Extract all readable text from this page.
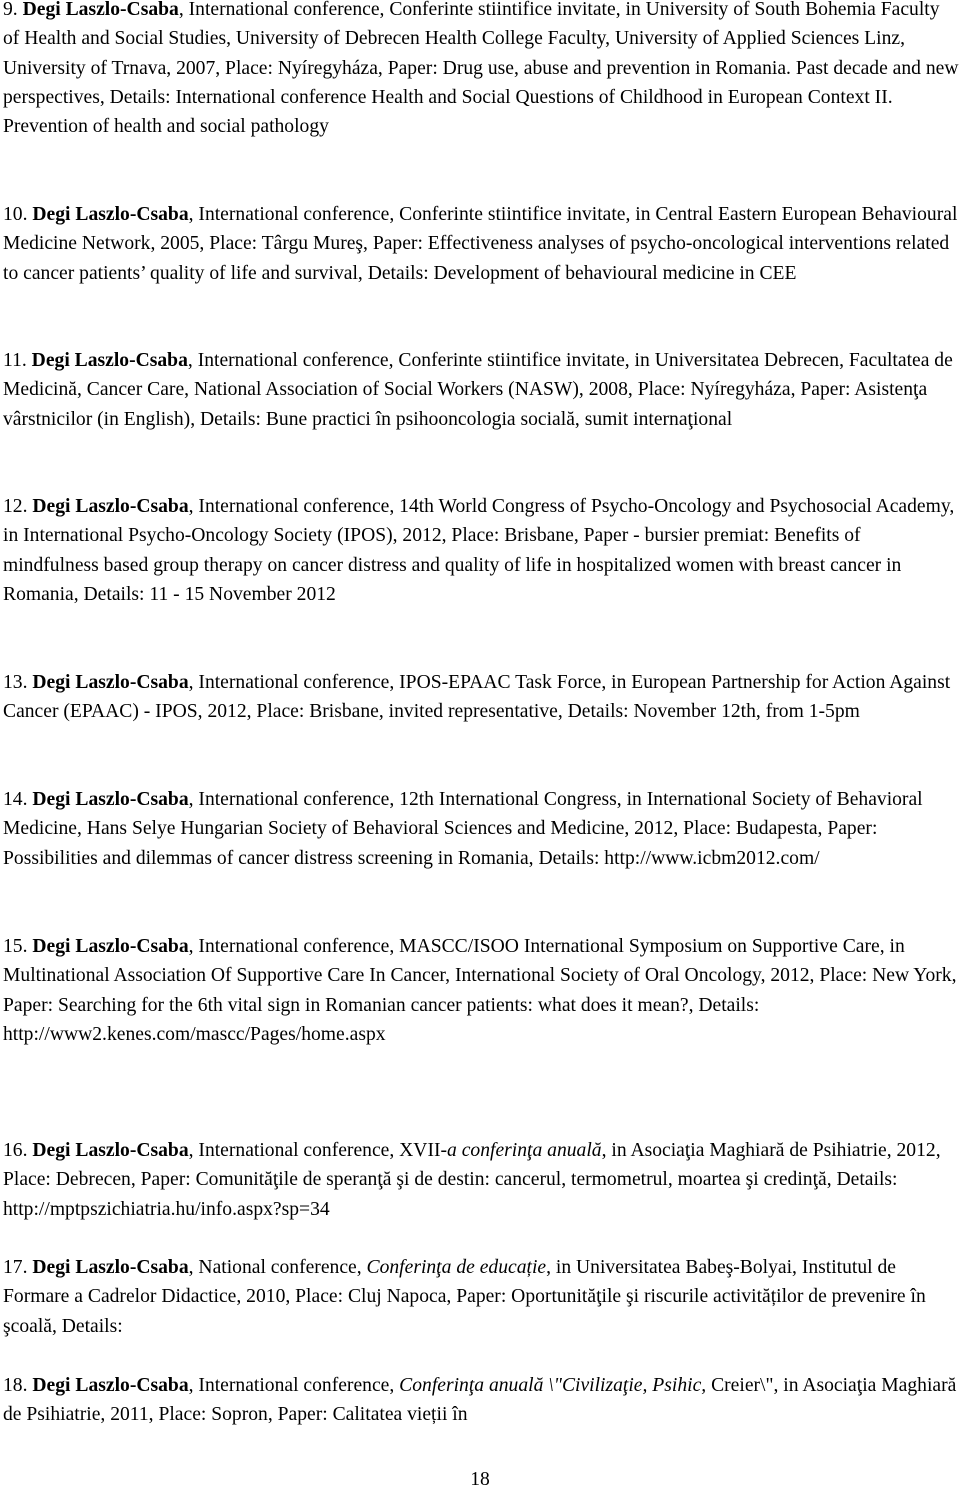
9. Degi Laszlo-Csaba, International conference, Conferinte stiintifice invitate, in University of South Bohemia Faculty of Health and Social Studies, University of Debrecen Health College Faculty, University of Applied Sciences Linz, University of Trnava, 2007, Place: Nyíregyháza, Paper: Drug use, abuse and prevention in Romania. Past decade and new perspectives, Details: International conference Health and Social Questions of Childhood in European Context II. Prevention of health and social pathology

10. Degi Laszlo-Csaba, International conference, Conferinte stiintifice invitate, in Central Eastern European Behavioural Medicine Network, 2005, Place: Târgu Mureş, Paper: Effectiveness analyses of psycho-oncological interventions related to cancer patients’ quality of life and survival, Details: Development of behavioural medicine in CEE

11. Degi Laszlo-Csaba, International conference, Conferinte stiintifice invitate, in Universitatea Debrecen, Facultatea de Medicină, Cancer Care, National Association of Social Workers (NASW), 2008, Place: Nyíregyháza, Paper: Asistenţa vârstnicilor (in English), Details: Bune practici în psihooncologia socială, sumit internaţional

12. Degi Laszlo-Csaba, International conference, 14th World Congress of Psycho-Oncology and Psychosocial Academy, in International Psycho-Oncology Society (IPOS), 2012, Place: Brisbane, Paper - bursier premiat: Benefits of mindfulness based group therapy on cancer distress and quality of life in hospitalized women with breast cancer in Romania, Details: 11 - 15 November 2012

13. Degi Laszlo-Csaba, International conference, IPOS-EPAAC Task Force, in European Partnership for Action Against Cancer (EPAAC) - IPOS, 2012, Place: Brisbane, invited representative, Details: November 12th, from 1-5pm

14. Degi Laszlo-Csaba, International conference, 12th International Congress, in International Society of Behavioral Medicine, Hans Selye Hungarian Society of Behavioral Sciences and Medicine, 2012, Place: Budapesta, Paper: Possibilities and dilemmas of cancer distress screening in Romania, Details: http://www.icbm2012.com/

15. Degi Laszlo-Csaba, International conference, MASCC/ISOO International Symposium on Supportive Care, in Multinational Association Of Supportive Care In Cancer, International Society of Oral Oncology, 2012, Place: New York, Paper: Searching for the 6th vital sign in Romanian cancer patients: what does it mean?, Details: http://www2.kenes.com/mascc/Pages/home.aspx

16. Degi Laszlo-Csaba, International conference, XVII-a conferinţa anuală, in Asociaţia Maghiară de Psihiatrie, 2012, Place: Debrecen, Paper: Comunităţile de speranţă şi de destin: cancerul, termometrul, moartea şi credinţă, Details: http://mptpszichiatria.hu/info.aspx?sp=34

17. Degi Laszlo-Csaba, National conference, Conferinţa de educație, in Universitatea Babeş-Bolyai, Institutul de Formare a Cadrelor Didactice, 2010, Place: Cluj Napoca, Paper: Oportunităţile şi riscurile activităților de prevenire în şcoală, Details:

18. Degi Laszlo-Csaba, International conference, Conferinţa anuală \"Civilizaţie, Psihic, Creier\", in Asociaţia Maghiară de Psihiatrie, 2011, Place: Sopron, Paper: Calitatea vieții în

18
